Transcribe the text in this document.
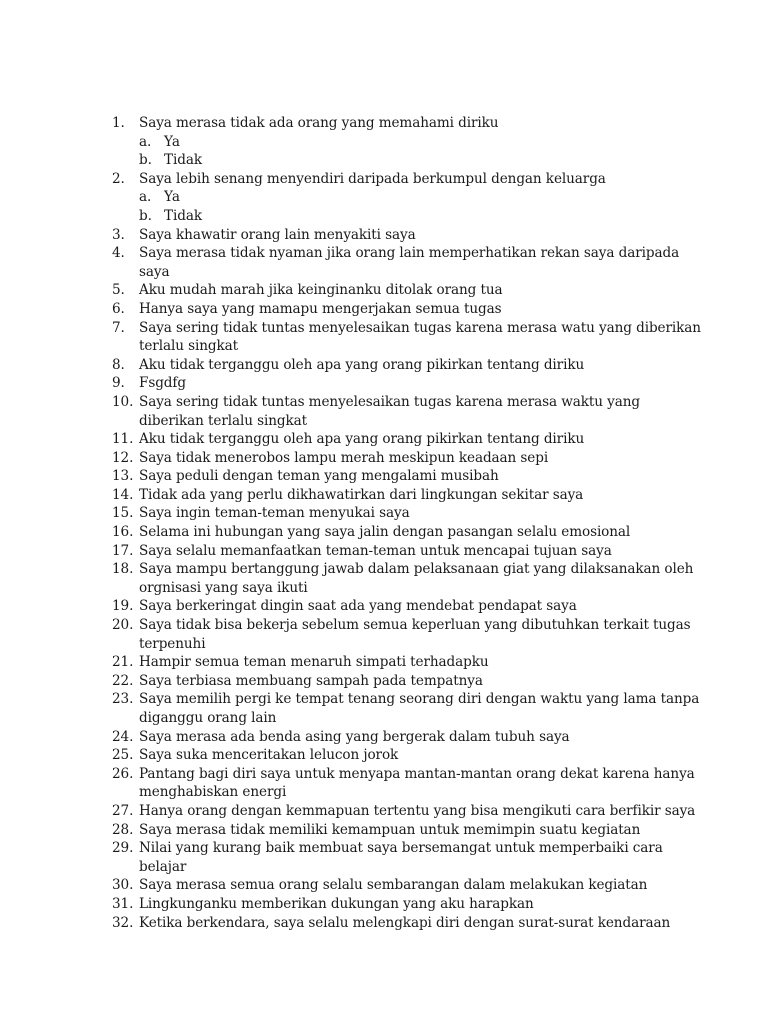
1.	Saya merasa tidak ada orang yang memahami diriku
a. Ya
b. Tidak
2.	Saya lebih senang menyendiri daripada berkumpul dengan keluarga
a. Ya
b. Tidak
3.	Saya khawatir orang lain menyakiti saya
4.	Saya merasa tidak nyaman jika orang lain memperhatikan rekan saya daripada saya
5.	Aku mudah marah jika keinginanku ditolak orang tua
6.	Hanya saya yang mamapu mengerjakan semua tugas
7.	Saya sering tidak tuntas menyelesaikan tugas karena merasa watu yang diberikan terlalu singkat
8.	Aku tidak terganggu oleh apa yang orang pikirkan tentang diriku
9.	Fsgdfg
10. Saya sering tidak tuntas menyelesaikan tugas karena merasa waktu yang diberikan terlalu singkat
11. Aku tidak terganggu oleh apa yang orang pikirkan tentang diriku
12. Saya tidak menerobos lampu merah meskipun keadaan sepi
13. Saya peduli dengan teman yang mengalami musibah
14. Tidak ada yang perlu dikhawatirkan dari lingkungan sekitar saya
15. Saya ingin teman-teman menyukai saya
16. Selama ini hubungan yang saya jalin dengan pasangan selalu emosional
17. Saya selalu memanfaatkan teman-teman untuk mencapai tujuan saya
18. Saya mampu bertanggung jawab dalam pelaksanaan giat yang dilaksanakan oleh orgnisasi yang saya ikuti
19. Saya berkeringat dingin saat ada yang mendebat pendapat saya
20. Saya tidak bisa bekerja sebelum semua keperluan yang dibutuhkan terkait tugas terpenuhi
21. Hampir semua teman menaruh simpati terhadapku
22. Saya terbiasa membuang sampah pada tempatnya
23. Saya memilih pergi ke tempat tenang seorang diri dengan waktu yang lama tanpa diganggu orang lain
24. Saya merasa ada benda asing yang bergerak dalam tubuh saya
25. Saya suka menceritakan lelucon jorok
26. Pantang bagi diri saya untuk menyapa mantan-mantan orang dekat karena hanya menghabiskan energi
27. Hanya orang dengan kemmapuan tertentu yang bisa mengikuti cara berfikir saya
28. Saya merasa tidak memiliki kemampuan untuk memimpin suatu kegiatan
29. Nilai yang kurang baik membuat saya bersemangat untuk memperbaiki cara belajar
30. Saya merasa semua orang selalu sembarangan dalam melakukan kegiatan
31. Lingkunganku memberikan dukungan yang aku harapkan
32. Ketika berkendara, saya selalu melengkapi diri dengan surat-surat kendaraan
